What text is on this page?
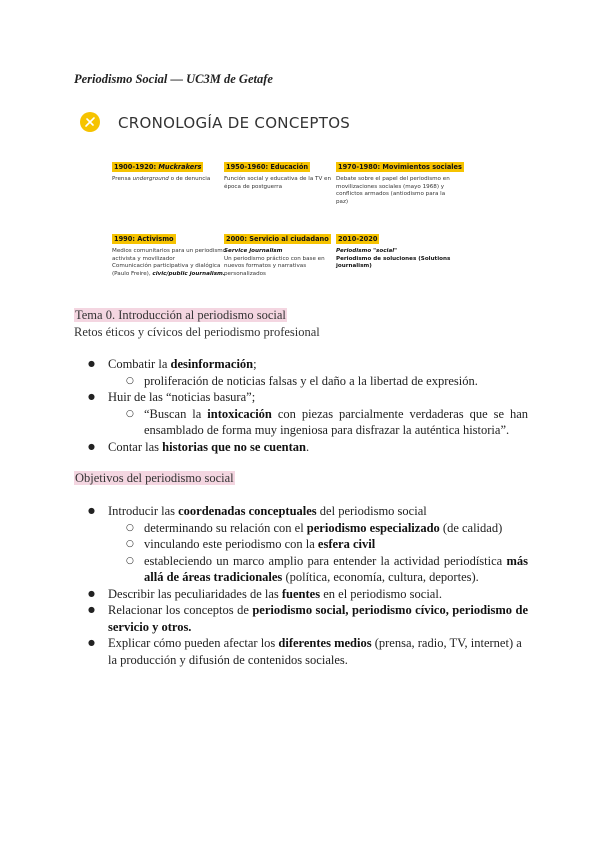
Periodismo Social — UC3M de Getafe
CRONOLOGÍA DE CONCEPTOS
1900-1920: Muckrakers
Prensa underground o de denuncia
1950-1960: Educación
Función social y educativa de la TV en época de postguerra
1970-1980: Movimientos sociales
Debate sobre el papel del periodismo en movilizaciones sociales (mayo 1968) y conflictos armados (antiodismo para la paz)
1990: Activismo
Medios comunitarios para un periodismo activista y movilizador
Comunicación participativa y dialógica (Paulo Freire), civic/public journalism.
2000: Servicio al ciudadano
Service journalism
Un periodismo práctico con base en nuevos formatos y narrativas personalizados
2010-2020
Periodismo "social"
Periodismo de soluciones (Solutions journalism)
Tema 0. Introducción al periodismo social
Retos éticos y cívicos del periodismo profesional
● Combatir la desinformación;
○ proliferación de noticias falsas y el daño a la libertad de expresión.
● Huir de las “noticias basura”;
○ “Buscan la intoxicación con piezas parcialmente verdaderas que se han ensamblado de forma muy ingeniosa para disfrazar la auténtica historia”.
● Contar las historias que no se cuentan.
Objetivos del periodismo social
● Introducir las coordenadas conceptuales del periodismo social
○ determinando su relación con el periodismo especializado (de calidad)
○ vinculando este periodismo con la esfera civil
○ estableciendo un marco amplio para entender la actividad periodística más allá de áreas tradicionales (política, economía, cultura, deportes).
● Describir las peculiaridades de las fuentes en el periodismo social.
● Relacionar los conceptos de periodismo social, periodismo cívico, periodismo de servicio y otros.
● Explicar cómo pueden afectar los diferentes medios (prensa, radio, TV, internet) a la producción y difusión de contenidos sociales.
